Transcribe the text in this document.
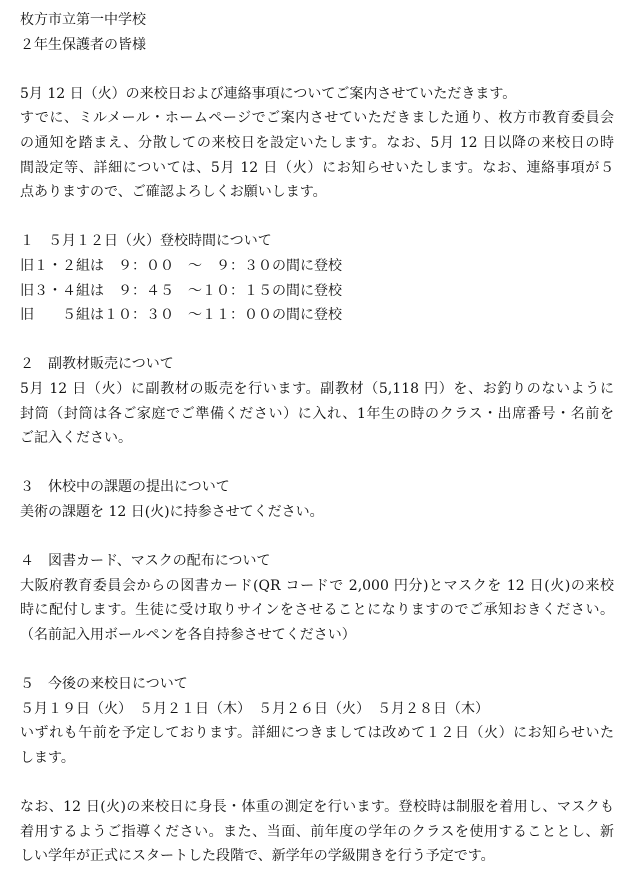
枚方市立第一中学校
２年生保護者の皆様
5月 12 日（火）の来校日および連絡事項についてご案内させていただきます。
すでに、ミルメール・ホームページでご案内させていただきました通り、枚方市教育委員会
の通知を踏まえ、分散しての来校日を設定いたします。なお、5月 12 日以降の来校日の時
間設定等、詳細については、5月 12 日（火）にお知らせいたします。なお、連絡事項が５
点ありますので、ご確認よろしくお願いします。
１　５月１２日（火）登校時間について
旧１・２組は　９：００　～　９：３０の間に登校
旧３・４組は　９：４５　～１０：１５の間に登校
旧　　５組は１０：３０　～１１：００の間に登校
２　副教材販売について
5月 12 日（火）に副教材の販売を行います。副教材（5,118 円）を、お釣りのないように
封筒（封筒は各ご家庭でご準備ください）に入れ、1年生の時のクラス・出席番号・名前を
ご記入ください。
３　休校中の課題の提出について
美術の課題を 12 日(火)に持参させてください。
４　図書カード、マスクの配布について
大阪府教育委員会からの図書カード(QR コードで 2,000 円分)とマスクを 12 日(火)の来校
時に配付します。生徒に受け取りサインをさせることになりますのでご承知おきください。
（名前記入用ボールペンを各自持参させてください）
５　今後の来校日について
５月１９日（火）　５月２１日（木）　５月２６日（火）　５月２８日（木）
いずれも午前を予定しております。詳細につきましては改めて１２日（火）にお知らせいた
します。
なお、12 日(火)の来校日に身長・体重の測定を行います。登校時は制服を着用し、マスクも
着用するようご指導ください。また、当面、前年度の学年のクラスを使用することとし、新
しい学年が正式にスタートした段階で、新学年の学級開きを行う予定です。
